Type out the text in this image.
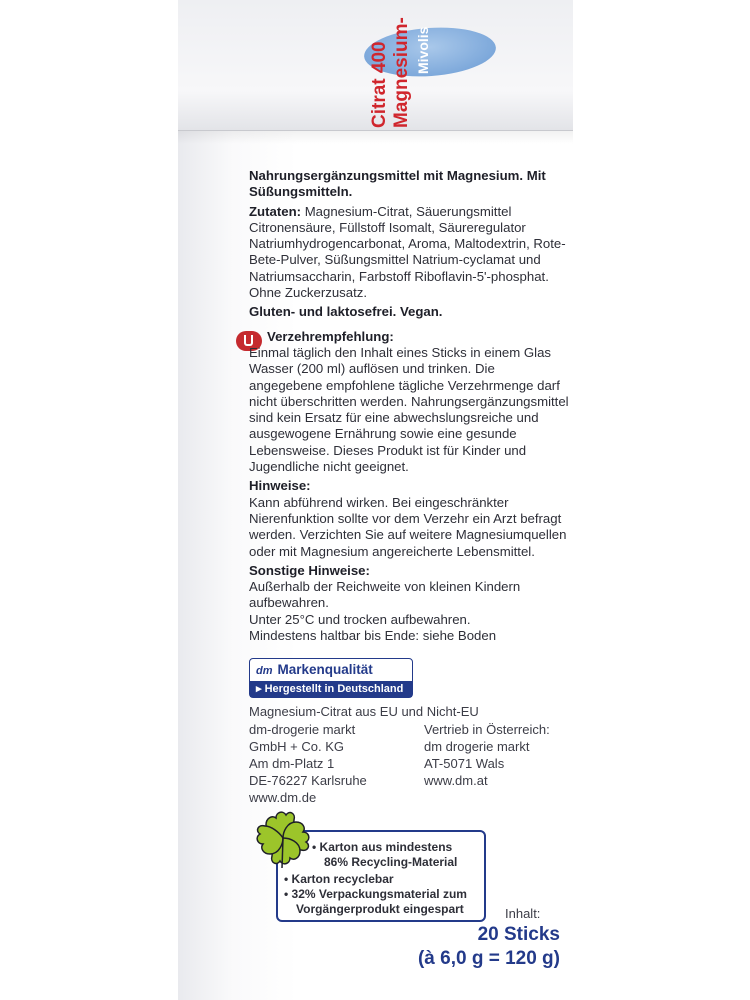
Mivolis
Magnesium-
Citrat 400

Nahrungsergänzungsmittel mit Magnesium. Mit Süßungsmitteln.

Zutaten: Magnesium-Citrat, Säuerungsmittel Citronensäure, Füllstoff Isomalt, Säureregulator Natriumhydrogencarbonat, Aroma, Maltodextrin, Rote-Bete-Pulver, Süßungsmittel Natrium-cyclamat und Natriumsaccharin, Farbstoff Riboflavin-5'-phosphat. Ohne Zuckerzusatz.

Gluten- und laktosefrei. Vegan.

Verzehrempfehlung:

Einmal täglich den Inhalt eines Sticks in einem Glas Wasser (200 ml) auflösen und trinken. Die angegebene empfohlene tägliche Verzehrmenge darf nicht überschritten werden. Nahrungsergänzungsmittel sind kein Ersatz für eine abwechslungsreiche und ausgewogene Ernährung sowie eine gesunde Lebensweise. Dieses Produkt ist für Kinder und Jugendliche nicht geeignet.

Hinweise:

Kann abführend wirken. Bei eingeschränkter Nierenfunktion sollte vor dem Verzehr ein Arzt befragt werden. Verzichten Sie auf weitere Magnesiumquellen oder mit Magnesium angereicherte Lebensmittel.

Sonstige Hinweise:

Außerhalb der Reichweite von kleinen Kindern aufbewahren.

Unter 25°C und trocken aufbewahren.

Mindestens haltbar bis Ende: siehe Boden

dm Markenqualität
▸ Hergestellt in Deutschland
Magnesium-Citrat aus EU und Nicht-EU
dm-drogerie markt
GmbH + Co. KG
Am dm-Platz 1
DE-76227 Karlsruhe
www.dm.de
Vertrieb in Österreich:
dm drogerie markt
AT-5071 Wals
www.dm.at
• Karton aus mindestens
86% Recycling-Material
• Karton recyclebar
• 32% Verpackungsmaterial zum
Vorgängerprodukt eingespart	Inhalt:
20 Sticks
(à 6,0 g = 120 g)
